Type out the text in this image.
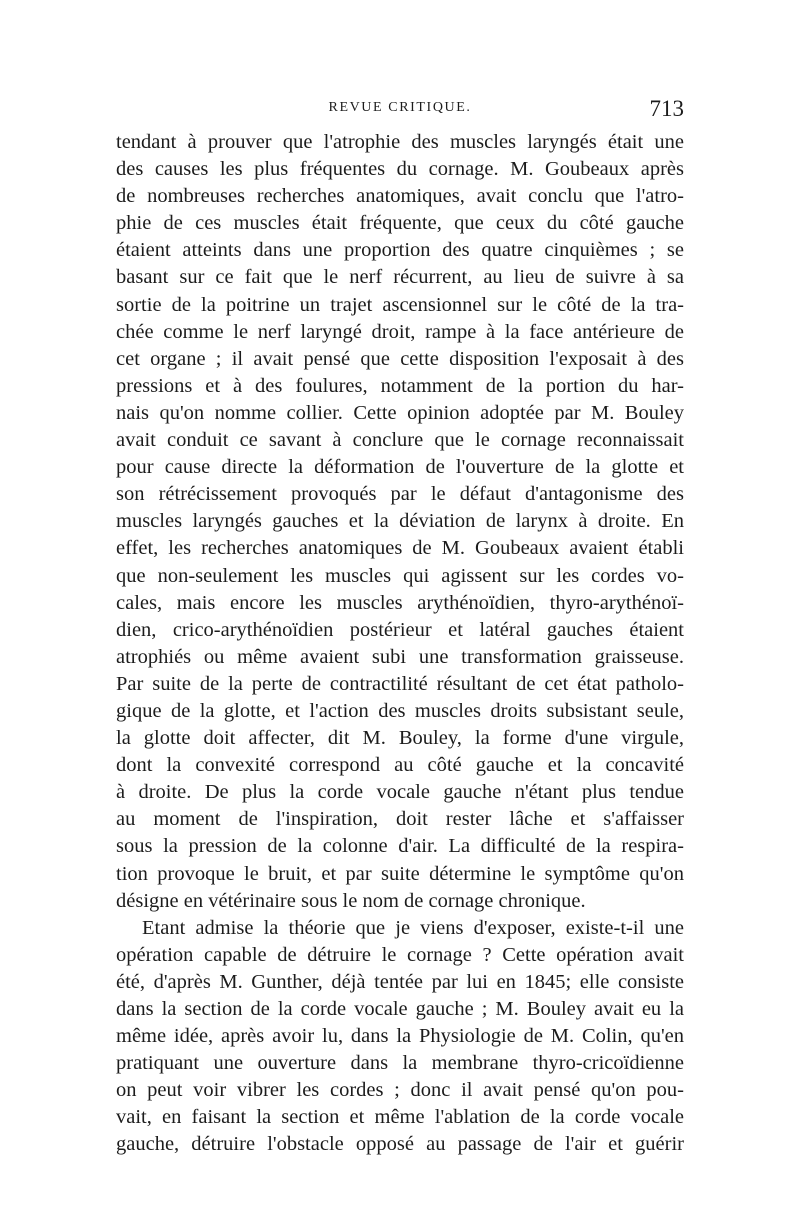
REVUE CRITIQUE.	713
tendant à prouver que l'atrophie des muscles laryngés était une
des causes les plus fréquentes du cornage. M. Goubeaux après
de nombreuses recherches anatomiques, avait conclu que l'atro-
phie de ces muscles était fréquente, que ceux du côté gauche
étaient atteints dans une proportion des quatre cinquièmes ; se
basant sur ce fait que le nerf récurrent, au lieu de suivre à sa
sortie de la poitrine un trajet ascensionnel sur le côté de la tra-
chée comme le nerf laryngé droit, rampe à la face antérieure de
cet organe ; il avait pensé que cette disposition l'exposait à des
pressions et à des foulures, notamment de la portion du har-
nais qu'on nomme collier. Cette opinion adoptée par M. Bouley
avait conduit ce savant à conclure que le cornage reconnaissait
pour cause directe la déformation de l'ouverture de la glotte et
son rétrécissement provoqués par le défaut d'antagonisme des
muscles laryngés gauches et la déviation de larynx à droite. En
effet, les recherches anatomiques de M. Goubeaux avaient établi
que non-seulement les muscles qui agissent sur les cordes vo-
cales, mais encore les muscles arythénoïdien, thyro-arythénoï-
dien, crico-arythénoïdien postérieur et latéral gauches étaient
atrophiés ou même avaient subi une transformation graisseuse.
Par suite de la perte de contractilité résultant de cet état patholo-
gique de la glotte, et l'action des muscles droits subsistant seule,
la glotte doit affecter, dit M. Bouley, la forme d'une virgule,
dont la convexité correspond au côté gauche et la concavité
à droite. De plus la corde vocale gauche n'étant plus tendue
au moment de l'inspiration, doit rester lâche et s'affaisser
sous la pression de la colonne d'air. La difficulté de la respira-
tion provoque le bruit, et par suite détermine le symptôme qu'on
désigne en vétérinaire sous le nom de cornage chronique.
Etant admise la théorie que je viens d'exposer, existe-t-il une
opération capable de détruire le cornage ? Cette opération avait
été, d'après M. Gunther, déjà tentée par lui en 1845; elle consiste
dans la section de la corde vocale gauche ; M. Bouley avait eu la
même idée, après avoir lu, dans la Physiologie de M. Colin, qu'en
pratiquant une ouverture dans la membrane thyro-cricoïdienne
on peut voir vibrer les cordes ; donc il avait pensé qu'on pou-
vait, en faisant la section et même l'ablation de la corde vocale
gauche, détruire l'obstacle opposé au passage de l'air et guérir
